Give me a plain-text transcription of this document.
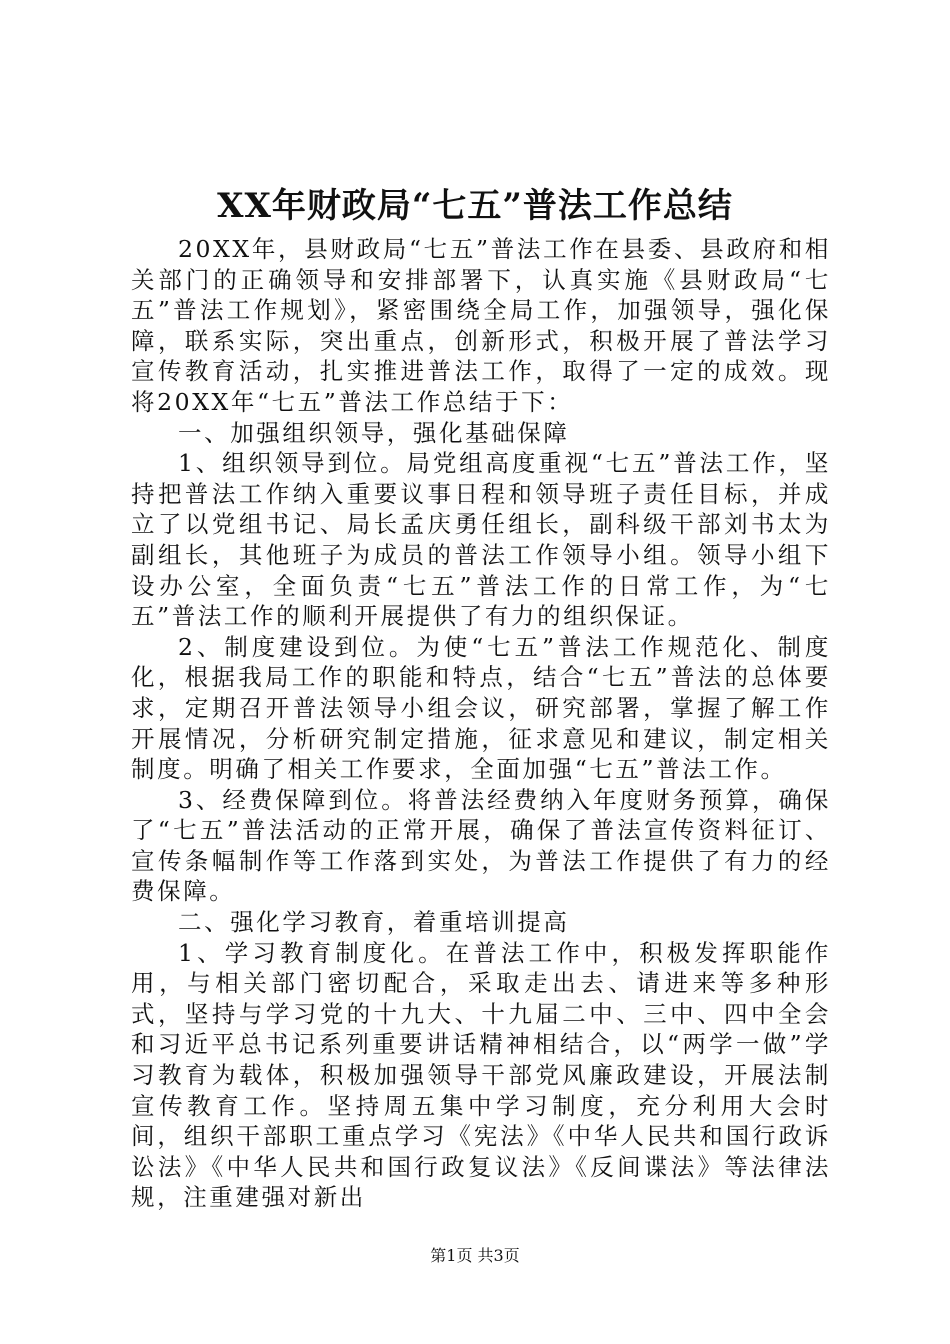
XX年财政局“七五”普法工作总结

20XX年，县财政局“七五”普法工作在县委、县政府和相关部门的正确领导和安排部署下，认真实施《县财政局“七五”普法工作规划》，紧密围绕全局工作，加强领导，强化保障，联系实际，突出重点，创新形式，积极开展了普法学习宣传教育活动，扎实推进普法工作，取得了一定的成效。现将20XX年“七五”普法工作总结于下：

一、加强组织领导，强化基础保障

1、组织领导到位。局党组高度重视“七五”普法工作，坚持把普法工作纳入重要议事日程和领导班子责任目标，并成立了以党组书记、局长孟庆勇任组长，副科级干部刘书太为副组长，其他班子为成员的普法工作领导小组。领导小组下设办公室，全面负责“七五”普法工作的日常工作，为“七五”普法工作的顺利开展提供了有力的组织保证。

2、制度建设到位。为使“七五”普法工作规范化、制度化，根据我局工作的职能和特点，结合“七五”普法的总体要求，定期召开普法领导小组会议，研究部署，掌握了解工作开展情况，分析研究制定措施，征求意见和建议，制定相关制度。明确了相关工作要求，全面加强“七五”普法工作。

3、经费保障到位。将普法经费纳入年度财务预算，确保了“七五”普法活动的正常开展，确保了普法宣传资料征订、宣传条幅制作等工作落到实处，为普法工作提供了有力的经费保障。

二、强化学习教育，着重培训提高

1、学习教育制度化。在普法工作中，积极发挥职能作用，与相关部门密切配合，采取走出去、请进来等多种形式，坚持与学习党的十九大、十九届二中、三中、四中全会和习近平总书记系列重要讲话精神相结合，以“两学一做”学习教育为载体，积极加强领导干部党风廉政建设，开展法制宣传教育工作。坚持周五集中学习制度，充分利用大会时间，组织干部职工重点学习《宪法》《中华人民共和国行政诉讼法》《中华人民共和国行政复议法》《反间谍法》等法律法规，注重建强对新出

第1页 共3页
